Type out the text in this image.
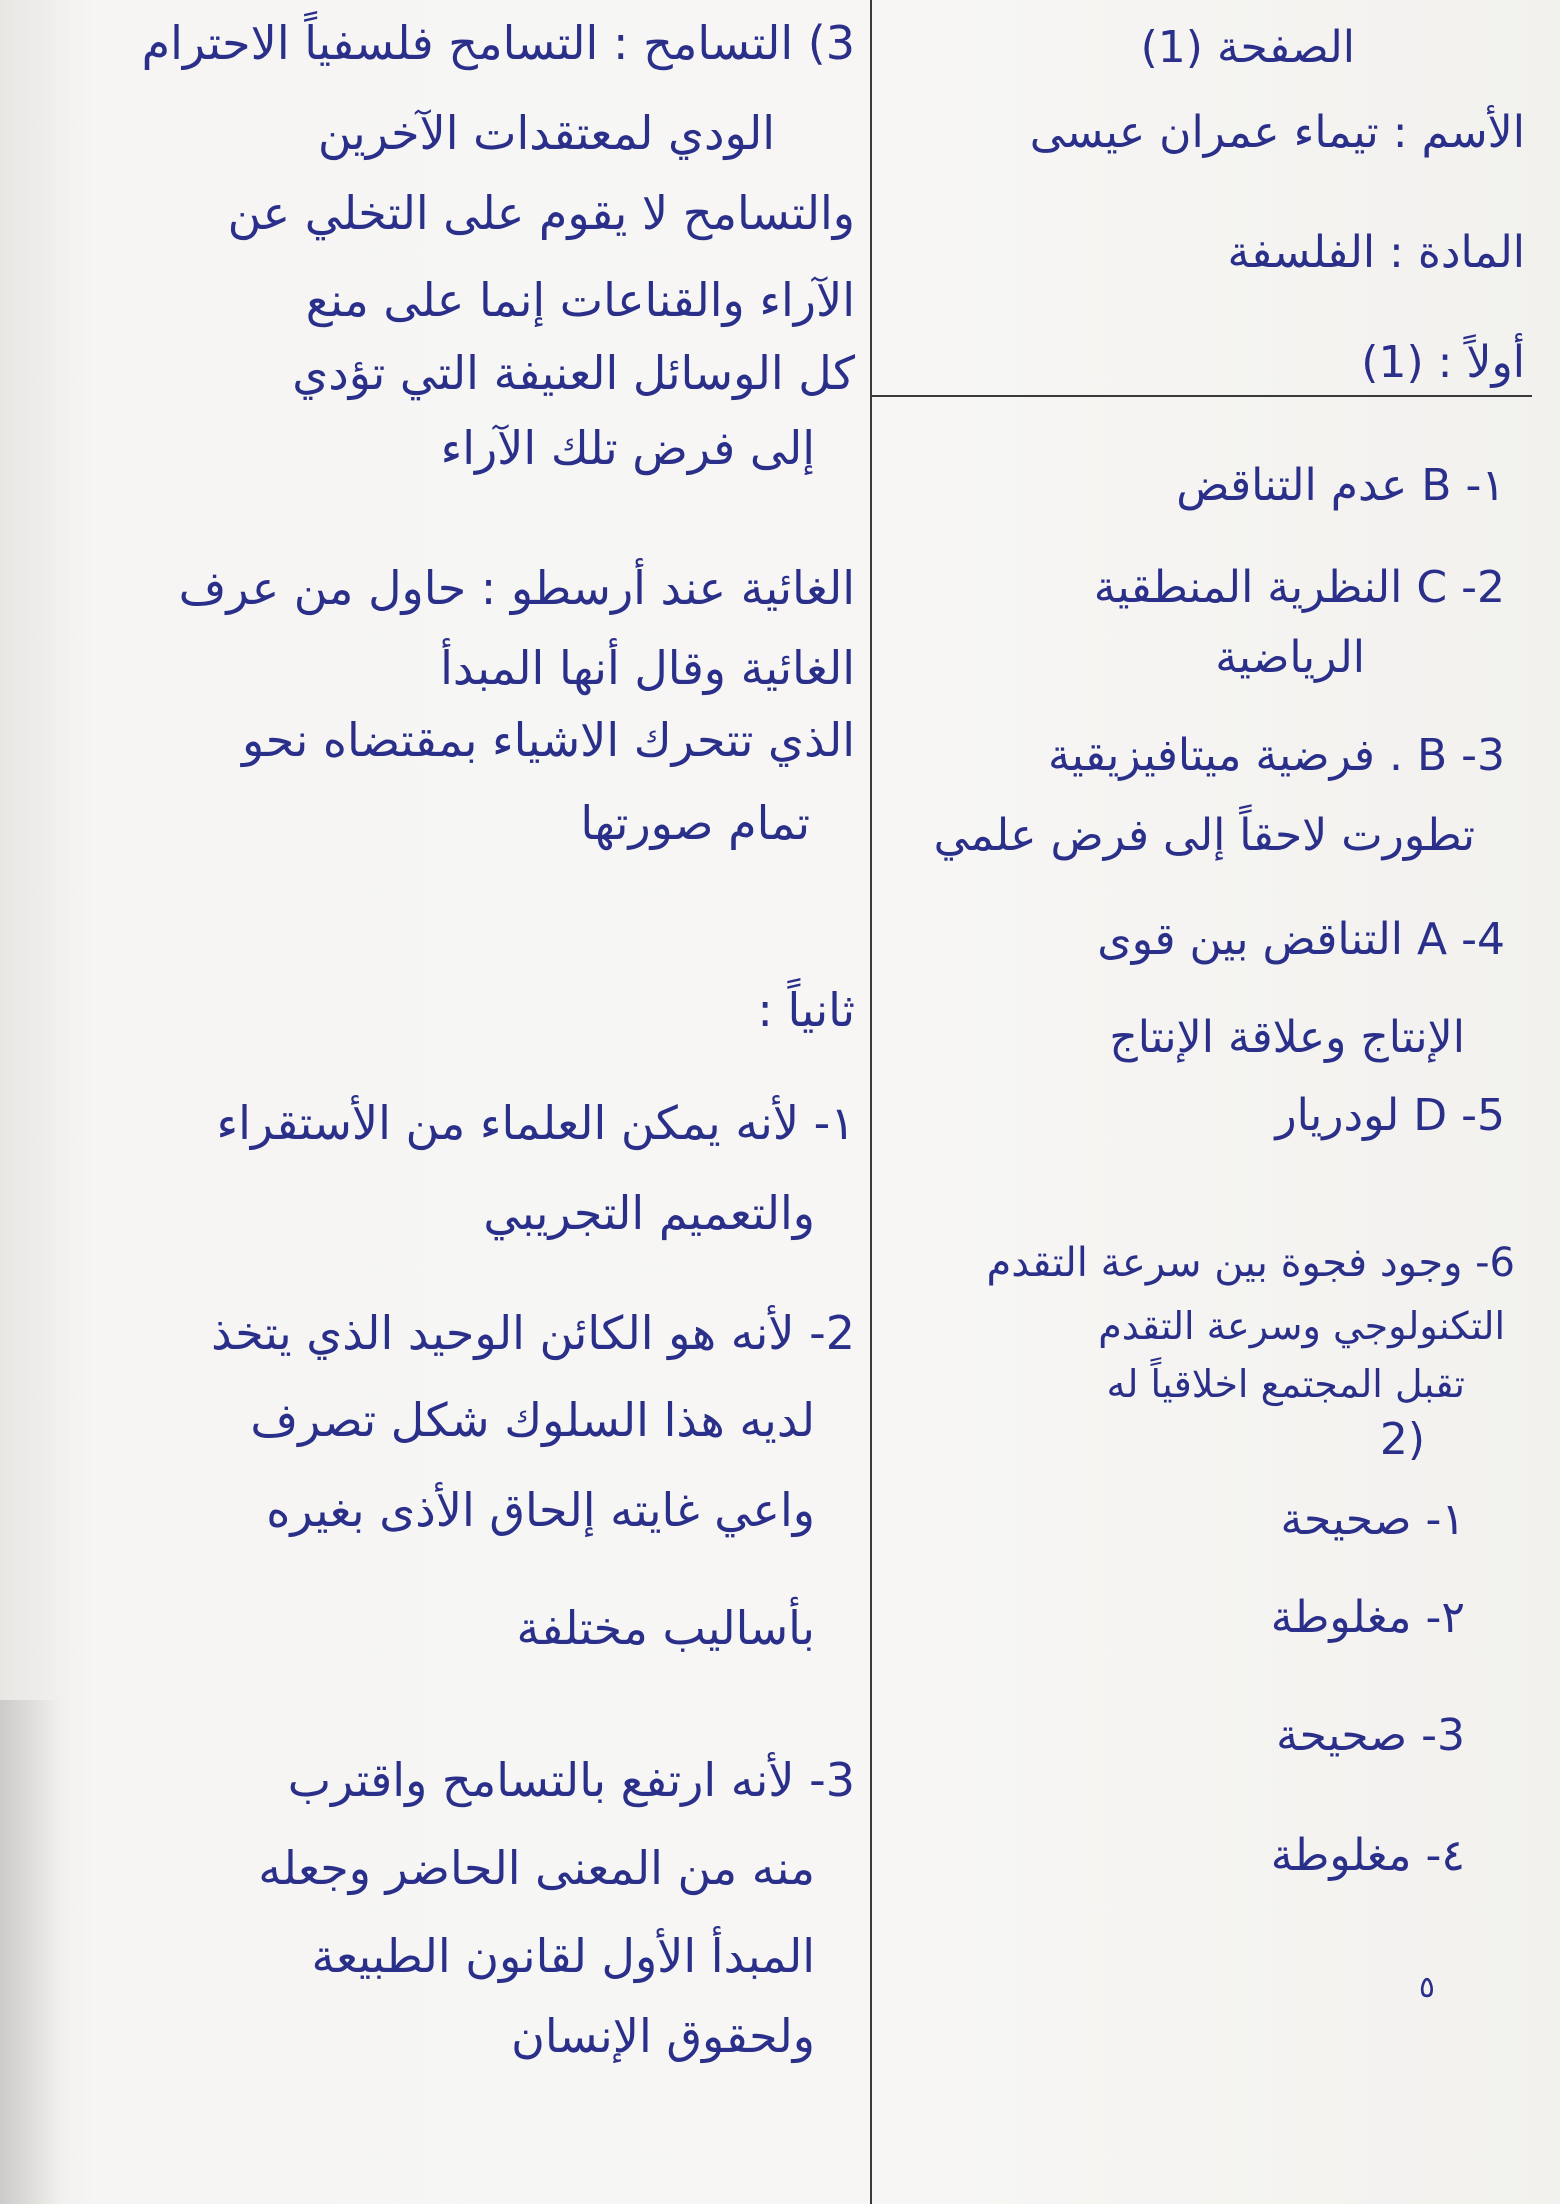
الصفحة (1)
الأسم : تيماء عمران عيسى
المادة : الفلسفة
أولاً : (1)
١- B عدم التناقض
2- C النظرية المنطقية
الرياضية
3- B . فرضية ميتافيزيقية
تطورت لاحقاً إلى فرض علمي
4- A التناقض بين قوى
الإنتاج وعلاقة الإنتاج
5- D لودريار
6- وجود فجوة بين سرعة التقدم
التكنولوجي وسرعة التقدم
تقبل المجتمع اخلاقياً له
(2
١- صحيحة
٢- مغلوطة
3- صحيحة
٤- مغلوطة
٥
3) التسامح : التسامح فلسفياً الاحترام
الودي لمعتقدات الآخرين
والتسامح لا يقوم على التخلي عن
الآراء والقناعات إنما على منع
كل الوسائل العنيفة التي تؤدي
إلى فرض تلك الآراء
الغائية عند أرسطو : حاول من عرف
الغائية وقال أنها المبدأ
الذي تتحرك الاشياء بمقتضاه نحو
تمام صورتها
ثانياً :
١- لأنه يمكن العلماء من الأستقراء
والتعميم التجريبي
2- لأنه هو الكائن الوحيد الذي يتخذ
لديه هذا السلوك شكل تصرف
واعي غايته إلحاق الأذى بغيره
بأساليب مختلفة
3- لأنه ارتفع بالتسامح واقترب
منه من المعنى الحاضر وجعله
المبدأ الأول لقانون الطبيعة
ولحقوق الإنسان
